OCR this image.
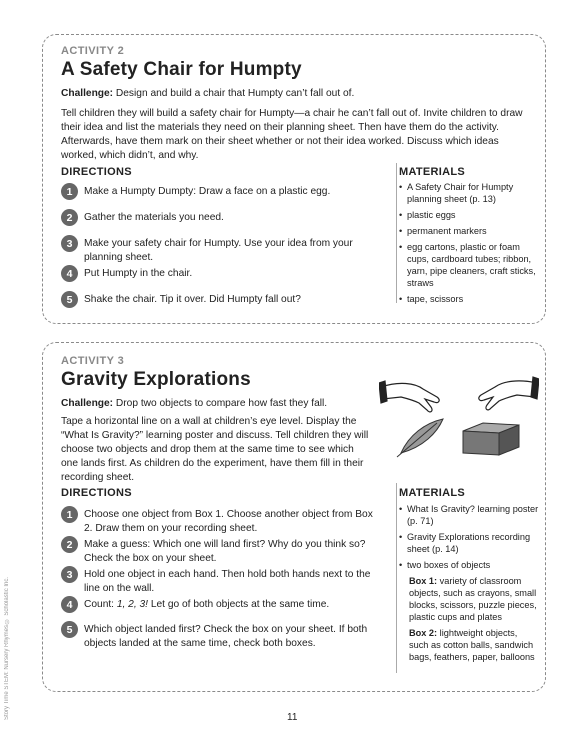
ACTIVITY 2
A Safety Chair for Humpty

Challenge: Design and build a chair that Humpty can’t fall out of.

Tell children they will build a safety chair for Humpty—a chair he can’t fall out of. Invite children to draw their idea and list the materials they need on their planning sheet. Then have them do the activity. Afterwards, have them mark on their sheet whether or not their idea worked. Discuss which ideas worked, which didn’t, and why.

DIRECTIONS
1	Make a Humpty Dumpty: Draw a face on a plastic egg.
2	Gather the materials you need.
3	Make your safety chair for Humpty. Use your idea from your planning sheet.
4	Put Humpty in the chair.
5	Shake the chair. Tip it over. Did Humpty fall out?
MATERIALS
• A Safety Chair for Humpty planning sheet (p. 13)
• plastic eggs
• permanent markers
• egg cartons, plastic or foam cups, cardboard tubes; ribbon, yarn, pipe cleaners, craft sticks, straws
• tape, scissors
ACTIVITY 3
Gravity Explorations

Challenge: Drop two objects to compare how fast they fall.

Tape a horizontal line on a wall at children’s eye level. Display the “What Is Gravity?” learning poster and discuss. Tell children they will choose two objects and drop them at the same time to see which one lands first. As children do the experiment, have them fill in their recording sheet.

DIRECTIONS
1	Choose one object from Box 1. Choose another object from Box 2. Draw them on your recording sheet.
2	Make a guess: Which one will land first? Why do you think so? Check the box on your sheet.
3	Hold one object in each hand. Then hold both hands next to the line on the wall.
4	Count: 1, 2, 3! Let go of both objects at the same time.
5	Which object landed first? Check the box on your sheet. If both objects landed at the same time, check both boxes.
MATERIALS
• What Is Gravity? learning poster (p. 71)
• Gravity Explorations recording sheet (p. 14)
• two boxes of objects
Box 1: variety of classroom objects, such as crayons, small blocks, scissors, puzzle pieces, plastic cups and plates
Box 2: lightweight objects, such as cotton balls, sandwich bags, feathers, paper, balloons
Story Time STEM: Nursery Rhymes © Scholastic Inc.	11
